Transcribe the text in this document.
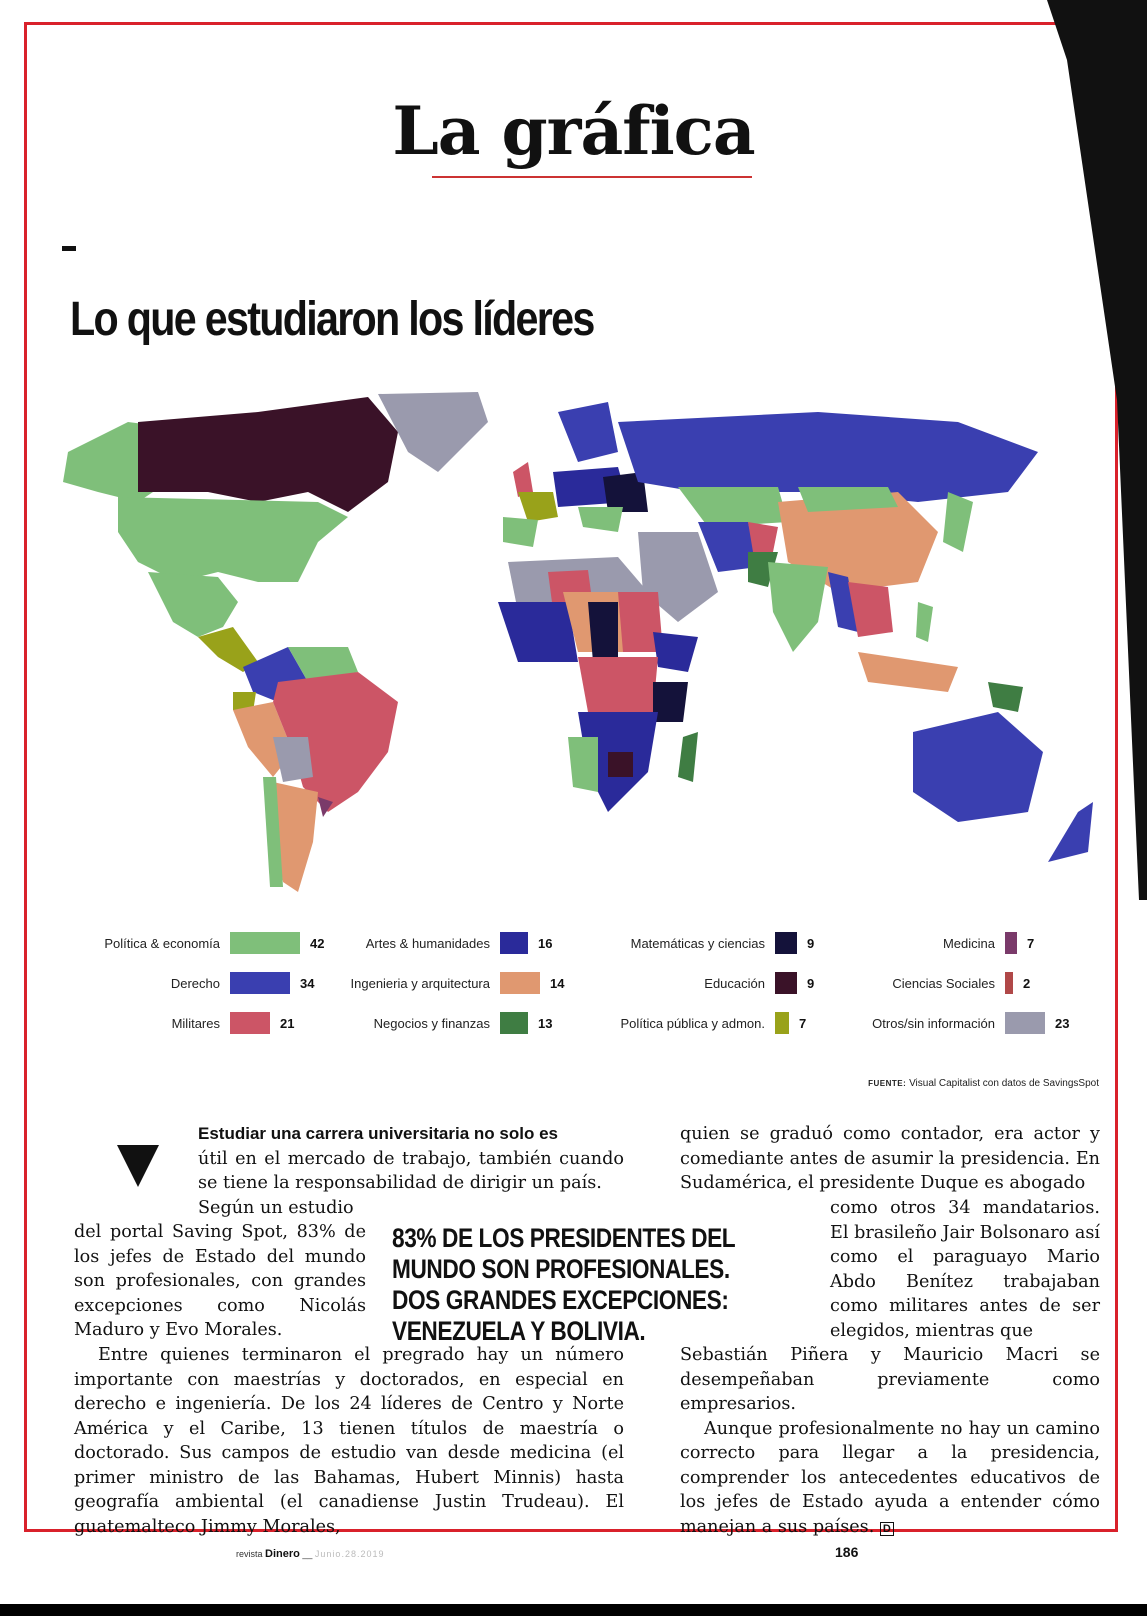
La gráfica
Lo que estudiaron los líderes
Política & economía	42
Derecho	34
Militares	21
Artes & humanidades	16
Ingenieria y arquitectura	14
Negocios y finanzas	13
Matemáticas y ciencias	9
Educación	9
Política pública y admon.	7
Medicina 7
Ciencias Sociales 2
Otros/sin información	23
FUENTE: Visual Capitalist con datos de SavingsSpot

Estudiar una carrera universitaria no solo es

útil en el mercado de trabajo, también cuando se tiene la responsabilidad de dirigir un país.

Según un estudio

del portal Saving Spot, 83% de los jefes de Estado del mundo son profesionales, con grandes excepciones como Nicolás Maduro y Evo Morales.

Entre quienes terminaron el pregrado hay un número importante con maestrías y doctorados, en especial en derecho e ingeniería. De los 24 líderes de Centro y Norte América y el Caribe, 13 tienen títulos de maestría o doctorado. Sus campos de estudio van desde medicina (el primer ministro de las Bahamas, Hubert Minnis) hasta geografía ambiental (el canadiense Justin Trudeau). El guatemalteco Jimmy Morales,

83% DE LOS PRESIDENTES DEL MUNDO SON PROFESIONALES. DOS GRANDES EXCEPCIONES: VENEZUELA Y BOLIVIA.

quien se graduó como contador, era actor y comediante antes de asumir la presidencia. En Sudamérica, el presidente Duque es abogado

como otros 34 mandatarios. El brasileño Jair Bolsonaro así como el paraguayo Mario Abdo Benítez trabajaban como militares antes de ser elegidos, mientras que

Sebastián Piñera y Mauricio Macri se desempeñaban previamente como empresarios.

Aunque profesionalmente no hay un camino correcto para llegar a la presidencia, comprender los antecedentes educativos de los jefes de Estado ayuda a entender cómo manejan a sus países. D

revista Dinero __ Junio.28.2019	186
